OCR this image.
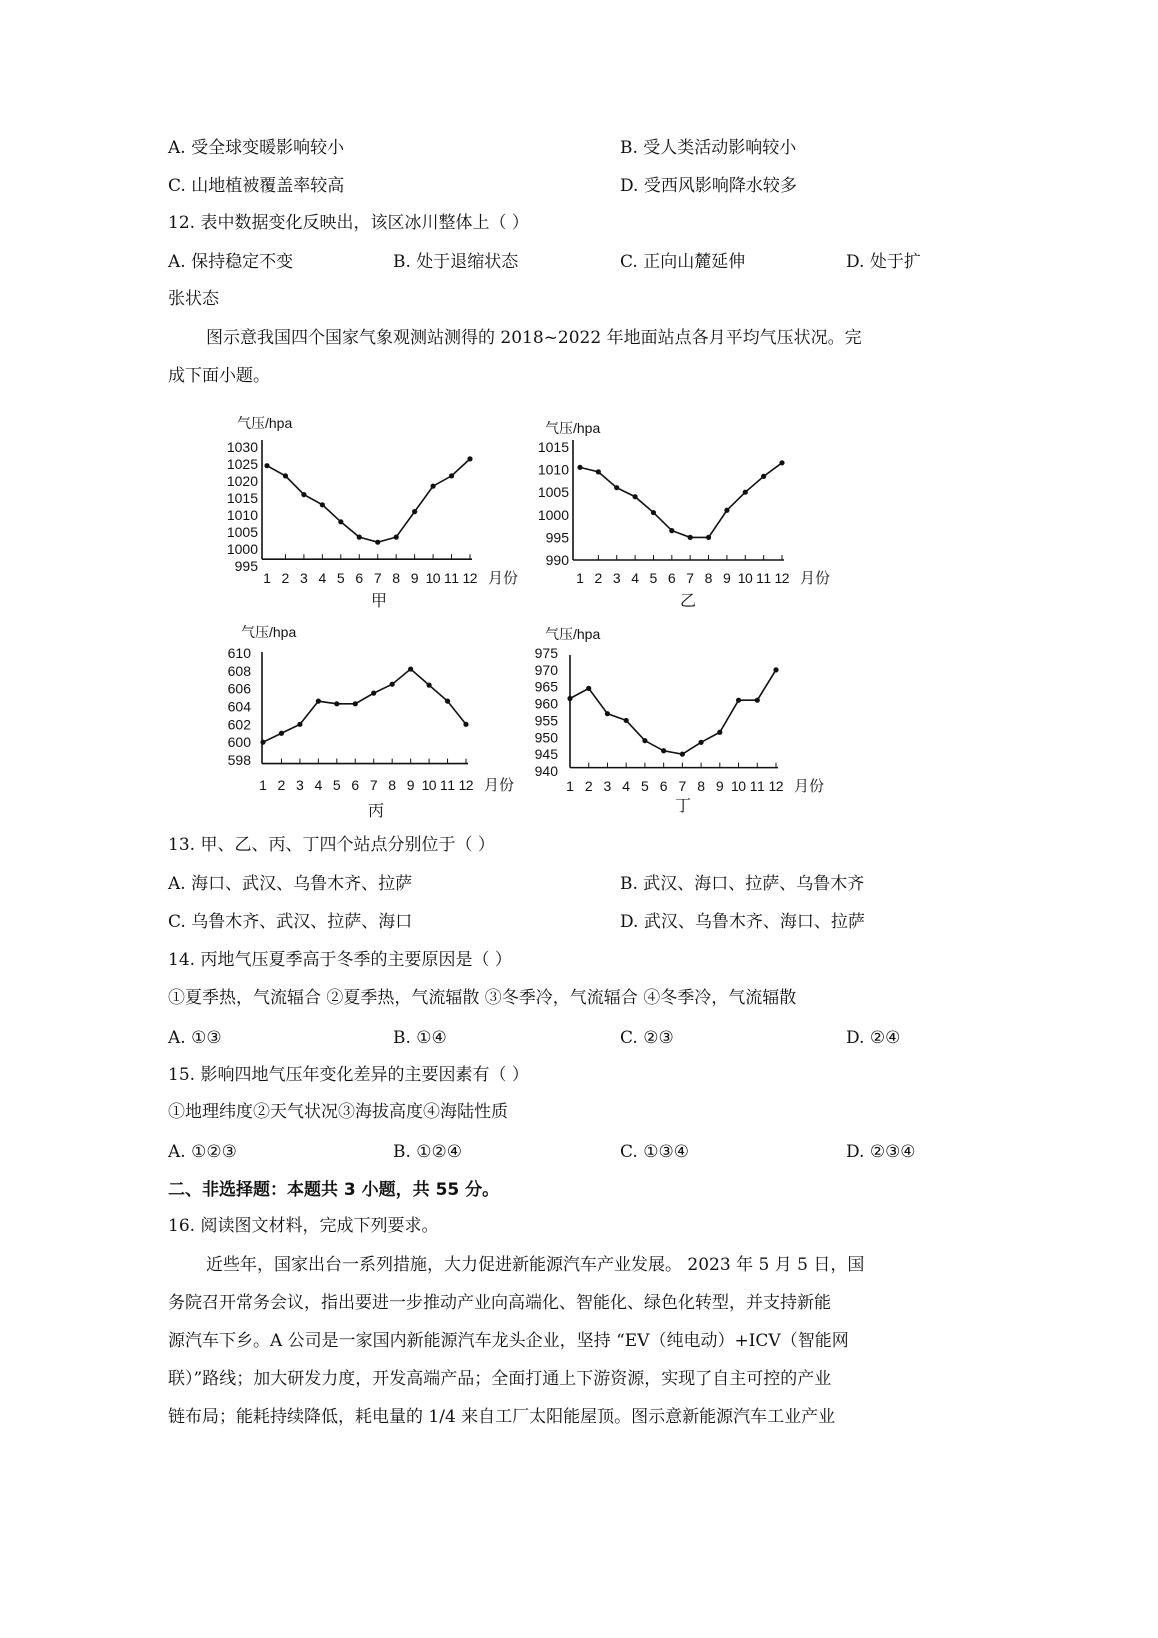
A. 受全球变暖影响较小	B. 受人类活动影响较小
C. 山地植被覆盖率较高	D. 受西风影响降水较多
12. 表中数据变化反映出，该区冰川整体上（ ）
A. 保持稳定不变	B. 处于退缩状态	C. 正向山麓延伸	D. 处于扩
张状态
图示意我国四个国家气象观测站测得的 2018~2022 年地面站点各月平均气压状况。完
成下面小题。
气压/hpa
1030
1025
1020
1015
1010
1005
1000
995
1 2 3 4 5 6 7 8 9 10 11 12 月份
甲
气压/hpa
1015
1010
1005
1000
995
990
1 2 3 4 5 6 7 8 9 10 11 12 月份
乙
气压/hpa
610
608
606
604
602
600
598
1 2 3 4 5 6 7 8 9 10 11 12 月份
丙
气压/hpa
975
970
965
960
955
950
945
940
1 2 3 4 5 6 7 8 9 10 11 12 月份
丁
13. 甲、乙、丙、丁四个站点分别位于（ ）
A. 海口、武汉、乌鲁木齐、拉萨	B. 武汉、海口、拉萨、乌鲁木齐
C. 乌鲁木齐、武汉、拉萨、海口	D. 武汉、乌鲁木齐、海口、拉萨
14. 丙地气压夏季高于冬季的主要原因是（ ）
①夏季热，气流辐合 ②夏季热，气流辐散 ③冬季冷，气流辐合 ④冬季冷，气流辐散
A. ①③	B. ①④	C. ②③	D. ②④
15. 影响四地气压年变化差异的主要因素有（ ）
①地理纬度②天气状况③海拔高度④海陆性质
A. ①②③	B. ①②④	C. ①③④	D. ②③④
二、非选择题：本题共 3 小题，共 55 分。
16. 阅读图文材料，完成下列要求。
近些年，国家出台一系列措施，大力促进新能源汽车产业发展。 2023 年 5 月 5 日，国
务院召开常务会议，指出要进一步推动产业向高端化、智能化、绿色化转型，并支持新能
源汽车下乡。A 公司是一家国内新能源汽车龙头企业，坚持 “EV（纯电动）+ICV（智能网
联）”路线；加大研发力度，开发高端产品；全面打通上下游资源，实现了自主可控的产业
链布局；能耗持续降低，耗电量的 1/4 来自工厂太阳能屋顶。图示意新能源汽车工业产业
